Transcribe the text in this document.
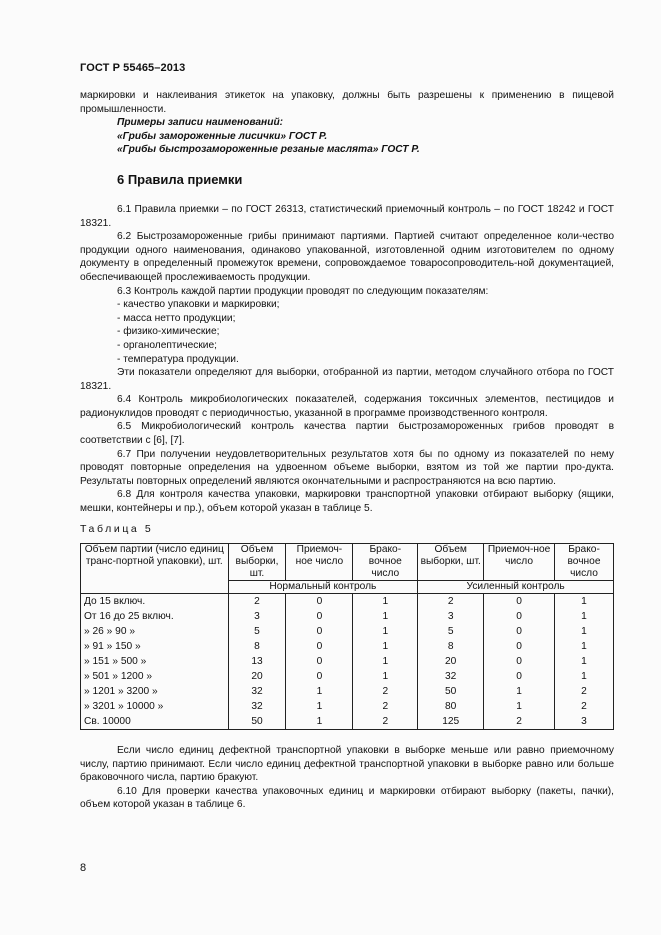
ГОСТ Р 55465–2013

маркировки и наклеивания этикеток на упаковку, должны быть разрешены к применению в пищевой промышленности.

Примеры записи наименований:

«Грибы замороженные лисички» ГОСТ Р.

«Грибы быстрозамороженные резаные маслята» ГОСТ Р.

6 Правила приемки

6.1 Правила приемки – по ГОСТ 26313, статистический приемочный контроль – по ГОСТ 18242 и ГОСТ 18321.

6.2 Быстрозамороженные грибы принимают партиями. Партией считают определенное коли-чество продукции одного наименования, одинаково упакованной, изготовленной одним изготовителем по одному документу в определенный промежуток времени, сопровождаемое товаросопроводитель-ной документацией, обеспечивающей прослеживаемость продукции.

6.3 Контроль каждой партии продукции проводят по следующим показателям:

- качество упаковки и маркировки;
- масса нетто продукции;
- физико-химические;
- органолептические;
- температура продукции.

Эти показатели определяют для выборки, отобранной из партии, методом случайного отбора по ГОСТ 18321.

6.4 Контроль микробиологических показателей, содержания токсичных элементов, пестицидов и радионуклидов проводят с периодичностью, указанной в программе производственного контроля.

6.5 Микробиологический контроль качества партии быстрозамороженных грибов проводят в соответствии с [6], [7].

6.7 При получении неудовлетворительных результатов хотя бы по одному из показателей по нему проводят повторные определения на удвоенном объеме выборки, взятом из той же партии про-дукта. Результаты повторных определений являются окончательными и распространяются на всю партию.

6.8 Для контроля качества упаковки, маркировки транспортной упаковки отбирают выборку (ящики, мешки, контейнеры и пр.), объем которой указан в таблице 5.

Таблица 5
Объем партии (число единиц транс-портной упаковки), шт.	Объем выборки, шт.	Приемоч-ное число	Брако-вочное число	Объем выборки, шт.	Приемоч-ное число	Брако-вочное число
	Нормальный контроль			Усиленный контроль		
До 15 включ.	2	0	1	2	0	1
От 16 до 25 включ.	3	0	1	3	0	1
» 26 » 90 »	5	0	1	5	0	1
» 91 » 150 »	8	0	1	8	0	1
» 151 » 500 »	13	0	1	20	0	1
» 501 » 1200 »	20	0	1	32	0	1
» 1201 » 3200 »	32	1	2	50	1	2
» 3201 » 10000 »	32	1	2	80	1	2
Св. 10000	50	1	2	125	2	3

Если число единиц дефектной транспортной упаковки в выборке меньше или равно приемочному числу, партию принимают. Если число единиц дефектной транспортной упаковки в выборке равно или больше браковочного числа, партию бракуют.

6.10 Для проверки качества упаковочных единиц и маркировки отбирают выборку (пакеты, пачки), объем которой указан в таблице 6.

8
